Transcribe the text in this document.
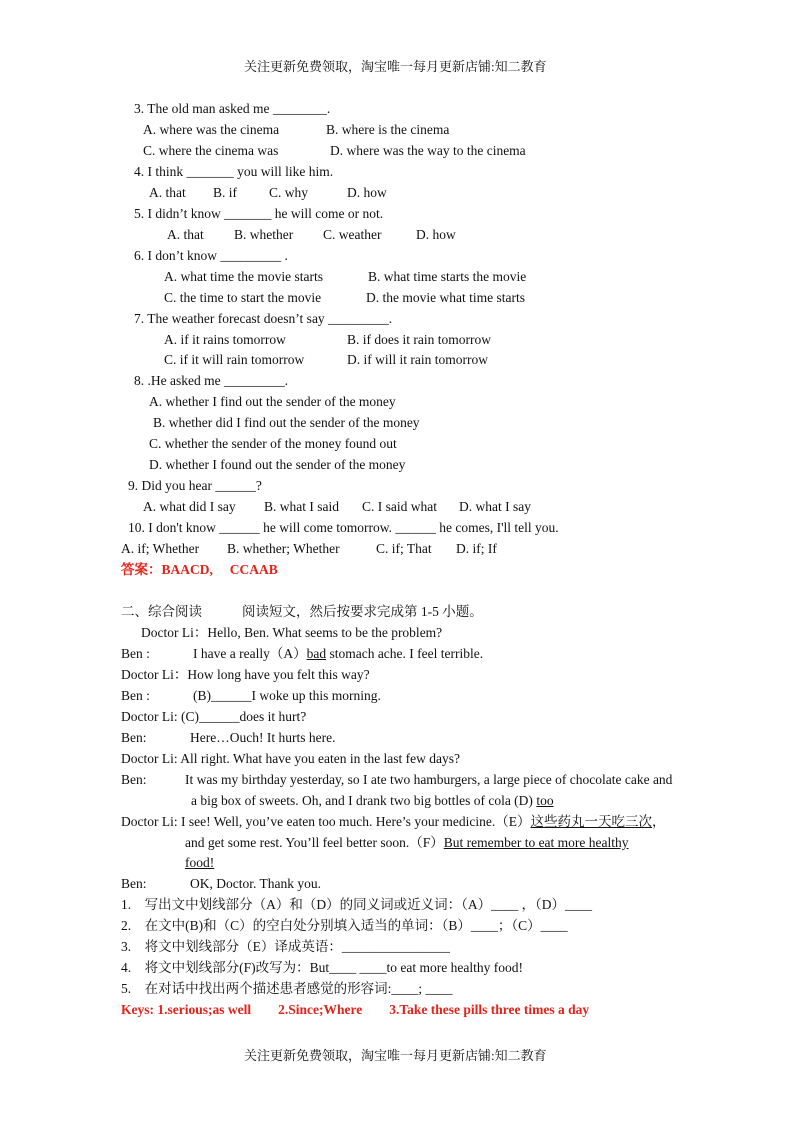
关注更新免费领取，淘宝唯一每月更新店铺:知二教育
3. The old man asked me ________.
A. where was the cinema	B. where is the cinema
C. where the cinema was	D. where was the way to the cinema
4. I think _______ you will like him.
A. that B. if C. why	D. how
5. I didn’t know _______ he will come or not.
A. that B. whether C. weather	D. how
6. I don’t know _________ .
A. what time the movie starts	B. what time starts the movie
C. the time to start the movie	D. the movie what time starts
7. The weather forecast doesn’t say _________.
A. if it rains tomorrow	B. if does it rain tomorrow
C. if it will rain tomorrow	D. if will it rain tomorrow
8. .He asked me _________.
A. whether I find out the sender of the money
B. whether did I find out the sender of the money
C. whether the sender of the money found out
D. whether I found out the sender of the money
9. Did you hear ______?
A. what did I say B. what I said C. I said what D. what I say
10. I don't know ______ he will come tomorrow. ______ he comes, I'll tell you.
A. if; Whether B. whether; Whether	C. if; That D. if; If
答案：BAACD,　 CCAAB
二、综合阅读	阅读短文，然后按要求完成第 1-5 小题。
Doctor Li：Hello, Ben. What seems to be the problem?
Ben :	I have a really（A）bad stomach ache. I feel terrible.
Doctor Li：How long have you felt this way?
Ben :	(B)______I woke up this morning.
Doctor Li: (C)______does it hurt?
Ben:	Here…Ouch! It hurts here.
Doctor Li: All right. What have you eaten in the last few days?
Ben:	It was my birthday yesterday, so I ate two hamburgers, a large piece of chocolate cake and
a big box of sweets. Oh, and I drank two big bottles of cola (D) too
Doctor Li: I see! Well, you’ve eaten too much. Here’s your medicine.（E）这些药丸一天吃三次，
and get some rest. You’ll feel better soon.（F）But remember to eat more healthy
food!
Ben:	OK, Doctor. Thank you.
1.　写出文中划线部分（A）和（D）的同义词或近义词：（A）____ ，（D）____
2.　在文中(B)和（C）的空白处分别填入适当的单词：（B）____；（C）____
3.　将文中划线部分（E）译成英语：________________
4.　将文中划线部分(F)改写为：But____ ____to eat more healthy food!
5.　在对话中找出两个描述患者感觉的形容词:____; ____
Keys: 1.serious;as well　　2.Since;Where　　3.Take these pills three times a day
关注更新免费领取，淘宝唯一每月更新店铺:知二教育
